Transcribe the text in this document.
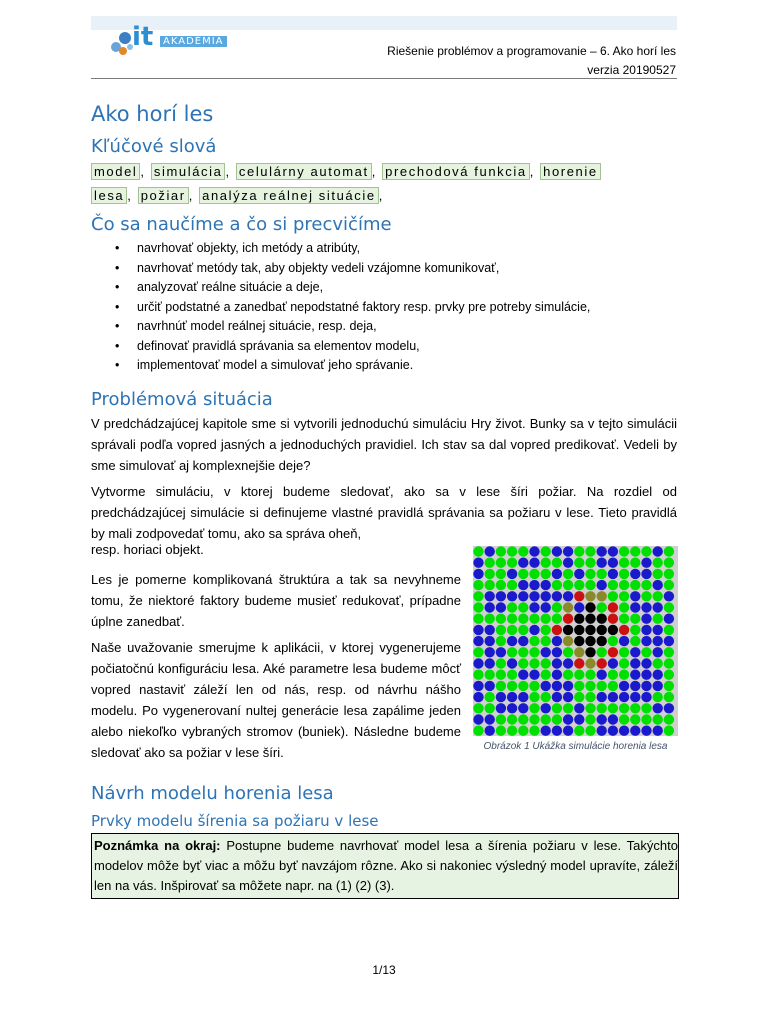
it AKADÉMIA
Riešenie problémov a programovanie – 6. Ako horí les
verzia 20190527
Ako horí les
Kľúčové slová
model , simulácia , celulárny automat , prechodová funkcia , horenie
lesa , požiar , analýza reálnej situácie ,
Čo sa naučíme a čo si precvičíme
• navrhovať objekty, ich metódy a atribúty,
• navrhovať metódy tak, aby objekty vedeli vzájomne komunikovať,
• analyzovať reálne situácie a deje,
• určiť podstatné a zanedbať nepodstatné faktory resp. prvky pre potreby simulácie,
• navrhnúť model reálnej situácie, resp. deja,
• definovať pravidlá správania sa elementov modelu,
• implementovať model a simulovať jeho správanie.
Problémová situácia
V predchádzajúcej kapitole sme si vytvorili jednoduchú simuláciu Hry život. Bunky sa v tejto simulácii správali podľa vopred jasných a jednoduchých pravidiel. Ich stav sa dal vopred predikovať. Vedeli by sme simulovať aj komplexnejšie deje?
Vytvorme simuláciu, v ktorej budeme sledovať, ako sa v lese šíri požiar. Na rozdiel od predchádzajúcej simulácie si definujeme vlastné pravidlá správania sa požiaru v lese. Tieto pravidlá by mali zodpovedať tomu, ako sa správa oheň,
resp. horiaci objekt.
Les je pomerne komplikovaná štruktúra a tak sa nevyhneme tomu, že niektoré faktory budeme musieť redukovať, prípadne úplne zanedbať.
Naše uvažovanie smerujme k aplikácii, v ktorej vygenerujeme počiatočnú konfiguráciu lesa. Aké parametre lesa budeme môcť vopred nastaviť záleží len od nás, resp. od návrhu nášho modelu. Po vygenerovaní nultej generácie lesa zapálime jeden alebo niekoľko vybraných stromov (buniek). Následne budeme sledovať ako sa požiar v lese šíri.	Obrázok 1 Ukážka simulácie horenia lesa
Návrh modelu horenia lesa
Prvky modelu šírenia sa požiaru v lese
Poznámka na okraj: Postupne budeme navrhovať model lesa a šírenia požiaru v lese. Takýchto modelov môže byť viac a môžu byť navzájom rôzne. Ako si nakoniec výsledný model upravíte, záleží len na vás. Inšpirovať sa môžete napr. na (1) (2) (3).
1/13
